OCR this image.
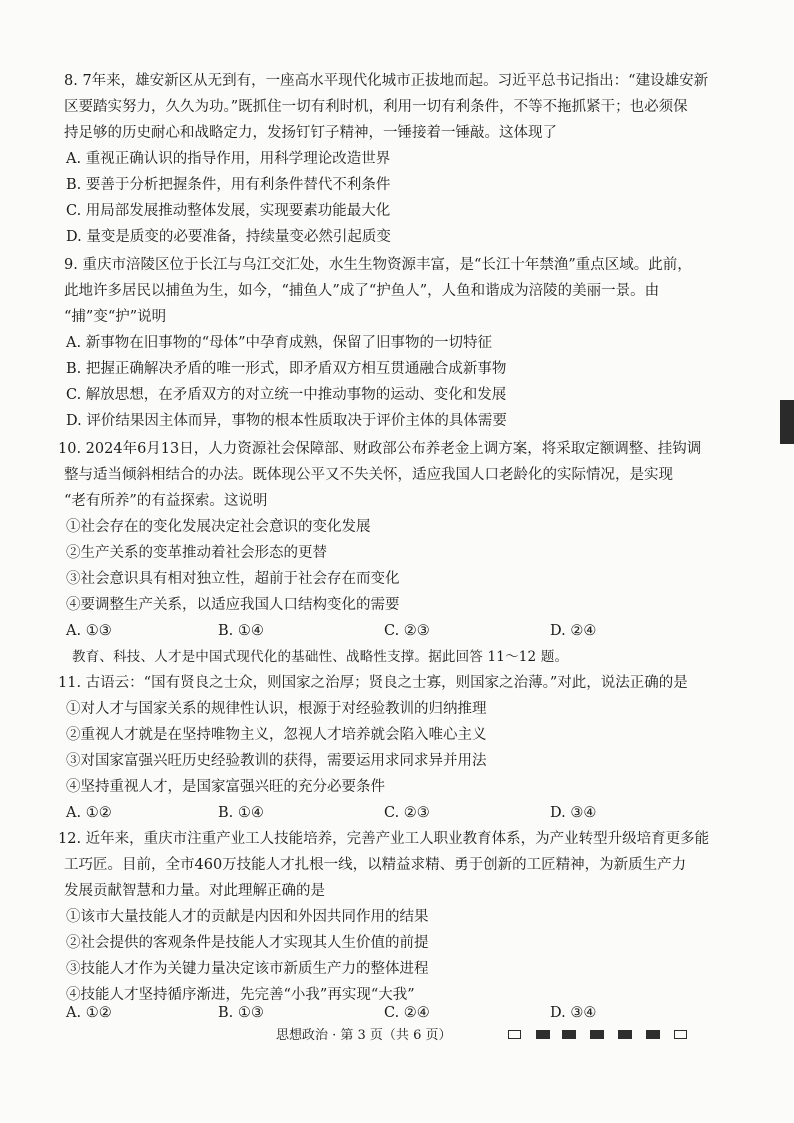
8. 7年来，雄安新区从无到有，一座高水平现代化城市正拔地而起。习近平总书记指出：“建设雄安新
区要踏实努力，久久为功。”既抓住一切有利时机，利用一切有利条件，不等不拖抓紧干；也必须保
持足够的历史耐心和战略定力，发扬钉钉子精神，一锤接着一锤敲。这体现了
A. 重视正确认识的指导作用，用科学理论改造世界
B. 要善于分析把握条件，用有利条件替代不利条件
C. 用局部发展推动整体发展，实现要素功能最大化
D. 量变是质变的必要准备，持续量变必然引起质变
9. 重庆市涪陵区位于长江与乌江交汇处，水生生物资源丰富，是“长江十年禁渔”重点区域。此前，
此地许多居民以捕鱼为生，如今，“捕鱼人”成了“护鱼人”，人鱼和谐成为涪陵的美丽一景。由
“捕”变“护”说明
A. 新事物在旧事物的“母体”中孕育成熟，保留了旧事物的一切特征
B. 把握正确解决矛盾的唯一形式，即矛盾双方相互贯通融合成新事物
C. 解放思想，在矛盾双方的对立统一中推动事物的运动、变化和发展
D. 评价结果因主体而异，事物的根本性质取决于评价主体的具体需要
10. 2024年6月13日，人力资源社会保障部、财政部公布养老金上调方案，将采取定额调整、挂钩调
整与适当倾斜相结合的办法。既体现公平又不失关怀，适应我国人口老龄化的实际情况，是实现
“老有所养”的有益探索。这说明
①社会存在的变化发展决定社会意识的变化发展
②生产关系的变革推动着社会形态的更替
③社会意识具有相对独立性，超前于社会存在而变化
④要调整生产关系，以适应我国人口结构变化的需要
A. ①③	B. ①④	C. ②③	D. ②④
教育、科技、人才是中国式现代化的基础性、战略性支撑。据此回答 11～12 题。
11. 古语云：“国有贤良之士众，则国家之治厚；贤良之士寡，则国家之治薄。”对此，说法正确的是
①对人才与国家关系的规律性认识，根源于对经验教训的归纳推理
②重视人才就是在坚持唯物主义，忽视人才培养就会陷入唯心主义
③对国家富强兴旺历史经验教训的获得，需要运用求同求异并用法
④坚持重视人才，是国家富强兴旺的充分必要条件
A. ①②	B. ①④	C. ②③	D. ③④
12. 近年来，重庆市注重产业工人技能培养，完善产业工人职业教育体系，为产业转型升级培育更多能
工巧匠。目前，全市460万技能人才扎根一线，以精益求精、勇于创新的工匠精神，为新质生产力
发展贡献智慧和力量。对此理解正确的是
①该市大量技能人才的贡献是内因和外因共同作用的结果
②社会提供的客观条件是技能人才实现其人生价值的前提
③技能人才作为关键力量决定该市新质生产力的整体进程
④技能人才坚持循序渐进，先完善“小我”再实现“大我”
A. ①②	B. ①③	C. ②④	D. ③④
思想政治 · 第 3 页（共 6 页）
